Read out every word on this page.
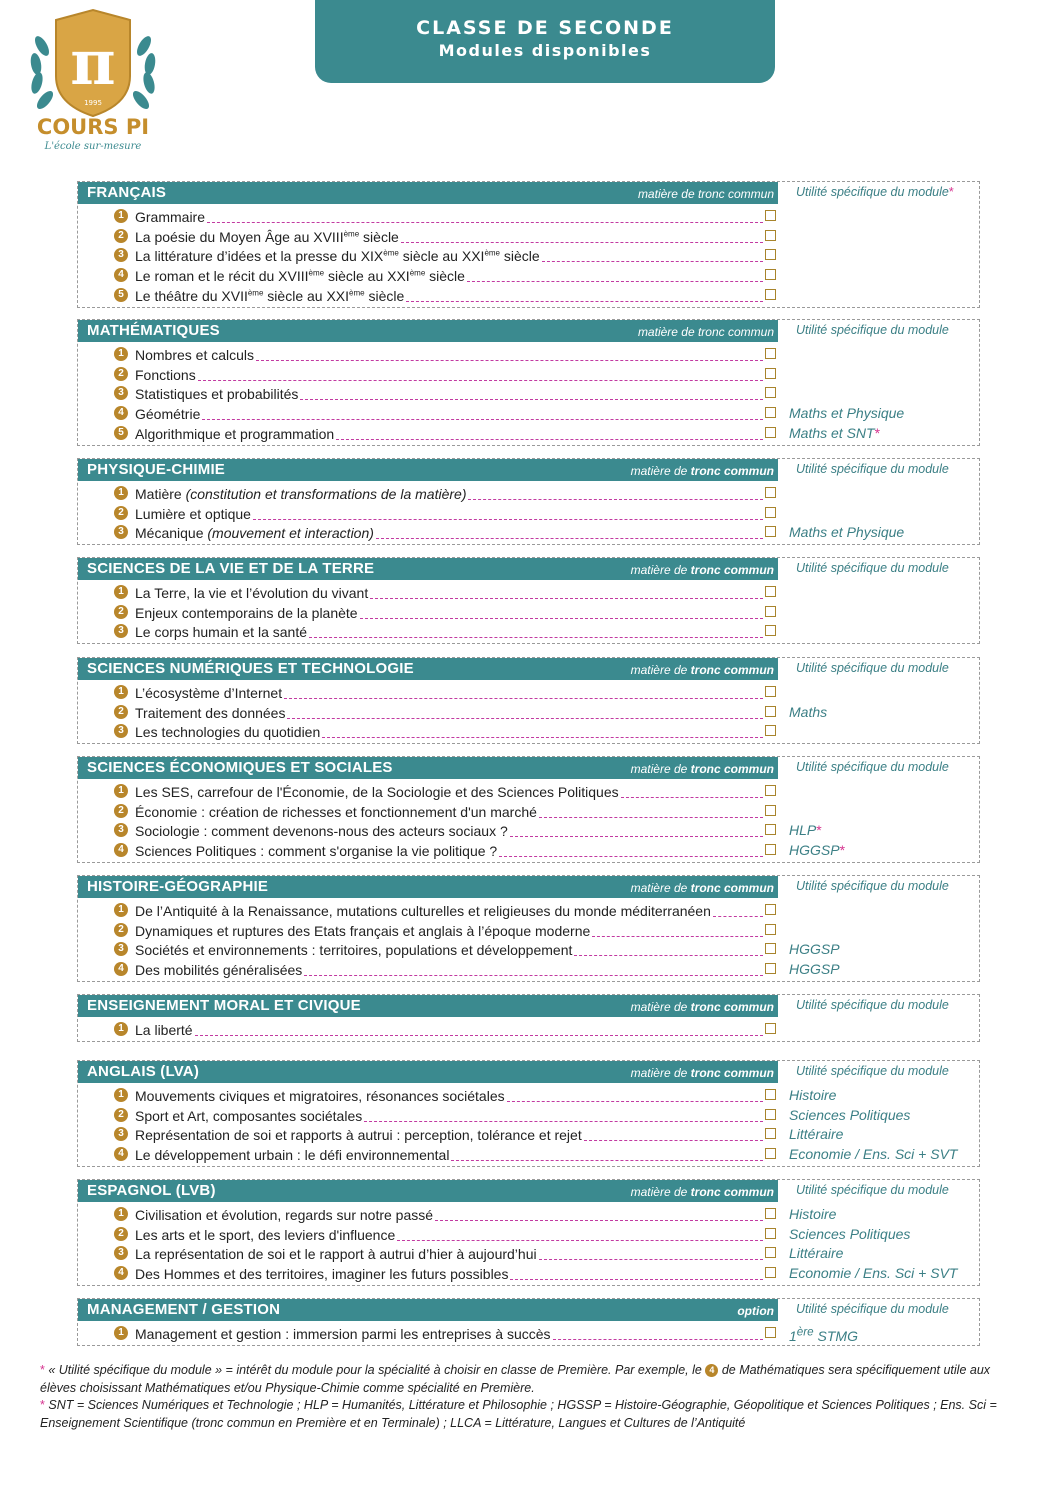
π
1995
COURS PI
L'école sur-mesure
CLASSE DE SECONDE
Modules disponibles
FRANÇAIS	matière de tronc commun Utilité spécifique du module*
1 Grammaire
2 La poésie du Moyen Âge au XVIIIème siècle
3 La littérature d’idées et la presse du XIXème siècle au XXIème siècle
4 Le roman et le récit du XVIIIème siècle au XXIème siècle
5 Le théâtre du XVIIème siècle au XXIème siècle
MATHÉMATIQUES	matière de tronc commun Utilité spécifique du module
1 Nombres et calculs
2 Fonctions
3 Statistiques et probabilités
4 Géométrie	Maths et Physique
5 Algorithmique et programmation	Maths et SNT*
PHYSIQUE-CHIMIE	matière de tronc commun Utilité spécifique du module
1 Matière (constitution et transformations de la matière)
2 Lumière et optique
3 Mécanique (mouvement et interaction)	Maths et Physique
SCIENCES DE LA VIE ET DE LA TERRE	matière de tronc commun Utilité spécifique du module
1 La Terre, la vie et l’évolution du vivant
2 Enjeux contemporains de la planète
3 Le corps humain et la santé
SCIENCES NUMÉRIQUES ET TECHNOLOGIE	matière de tronc commun Utilité spécifique du module
1 L’écosystème d’Internet
2 Traitement des données	Maths
3 Les technologies du quotidien
SCIENCES ÉCONOMIQUES ET SOCIALES	matière de tronc commun Utilité spécifique du module
1 Les SES, carrefour de l'Économie, de la Sociologie et des Sciences Politiques
2 Économie : création de richesses et fonctionnement d'un marché
3 Sociologie : comment devenons-nous des acteurs sociaux ?	HLP*
4 Sciences Politiques : comment s'organise la vie politique ?	HGGSP*
HISTOIRE-GÉOGRAPHIE	matière de tronc commun Utilité spécifique du module
1 De l’Antiquité à la Renaissance, mutations culturelles et religieuses du monde méditerranéen
2 Dynamiques et ruptures des Etats français et anglais à l’époque moderne
3 Sociétés et environnements : territoires, populations et développement	HGGSP
4 Des mobilités généralisées	HGGSP
ENSEIGNEMENT MORAL ET CIVIQUE	matière de tronc commun Utilité spécifique du module
1 La liberté
ANGLAIS (LVA)	matière de tronc commun Utilité spécifique du module
1 Mouvements civiques et migratoires, résonances sociétales	Histoire
2 Sport et Art, composantes sociétales	Sciences Politiques
3 Représentation de soi et rapports à autrui : perception, tolérance et rejet	Littéraire
4 Le développement urbain : le défi environnemental	Economie / Ens. Sci + SVT
ESPAGNOL (LVB)	matière de tronc commun Utilité spécifique du module
1 Civilisation et évolution, regards sur notre passé	Histoire
2 Les arts et le sport, des leviers d'influence	Sciences Politiques
3 La représentation de soi et le rapport à autrui d’hier à aujourd’hui	Littéraire
4 Des Hommes et des territoires, imaginer les futurs possibles	Economie / Ens. Sci + SVT
MANAGEMENT / GESTION	option Utilité spécifique du module
1 Management et gestion : immersion parmi les entreprises à succès	1ère STMG
* « Utilité spécifique du module » = intérêt du module pour la spécialité à choisir en classe de Première. Par exemple, le 4 de Mathématiques sera spécifiquement utile aux élèves choisissant Mathématiques et/ou Physique-Chimie comme spécialité en Première.
* SNT = Sciences Numériques et Technologie ; HLP = Humanités, Littérature et Philosophie ; HGSSP = Histoire-Géographie, Géopolitique et Sciences Politiques ; Ens. Sci = Enseignement Scientifique (tronc commun en Première et en Terminale) ; LLCA = Littérature, Langues et Cultures de l’Antiquité
